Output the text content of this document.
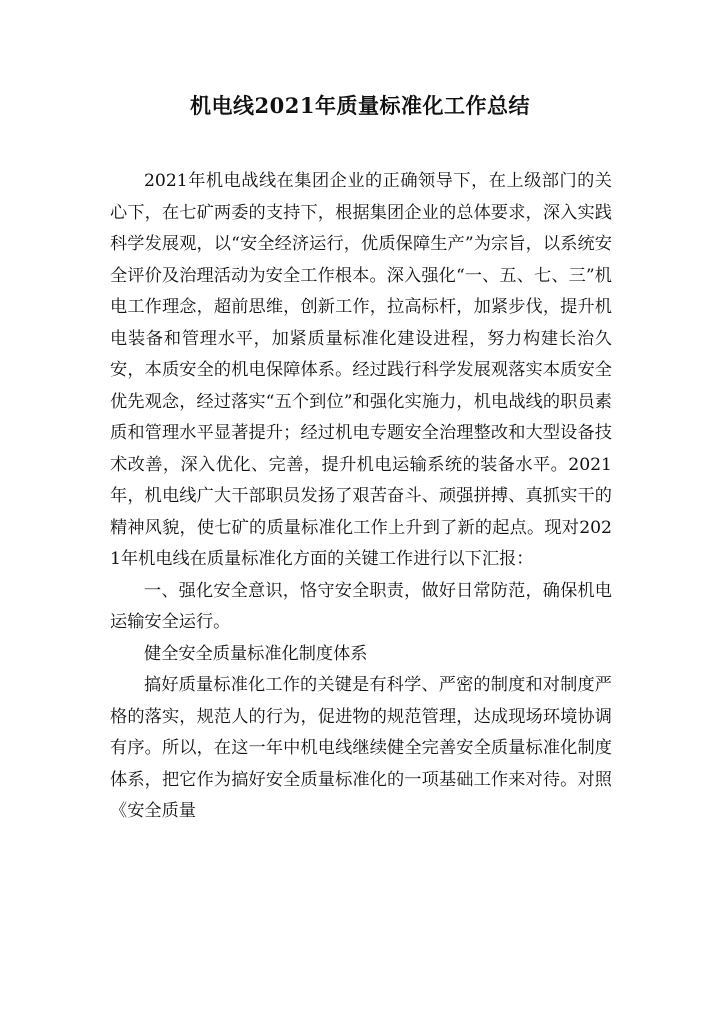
机电线2021年质量标准化工作总结

2021年机电战线在集团企业的正确领导下，在上级部门的关心下，在七矿两委的支持下，根据集团企业的总体要求，深入实践科学发展观，以“安全经济运行，优质保障生产”为宗旨，以系统安全评价及治理活动为安全工作根本。深入强化“一、五、七、三”机电工作理念，超前思维，创新工作，拉高标杆，加紧步伐，提升机电装备和管理水平，加紧质量标准化建设进程，努力构建长治久安，本质安全的机电保障体系。经过践行科学发展观落实本质安全优先观念，经过落实“五个到位”和强化实施力，机电战线的职员素质和管理水平显著提升；经过机电专题安全治理整改和大型设备技术改善，深入优化、完善，提升机电运输系统的装备水平。2021年，机电线广大干部职员发扬了艰苦奋斗、顽强拼搏、真抓实干的精神风貌，使七矿的质量标准化工作上升到了新的起点。现对2021年机电线在质量标准化方面的关键工作进行以下汇报：

一、强化安全意识，恪守安全职责，做好日常防范，确保机电运输安全运行。

健全安全质量标准化制度体系

搞好质量标准化工作的关键是有科学、严密的制度和对制度严格的落实，规范人的行为，促进物的规范管理，达成现场环境协调有序。所以，在这一年中机电线继续健全完善安全质量标准化制度体系，把它作为搞好安全质量标准化的一项基础工作来对待。对照《安全质量
